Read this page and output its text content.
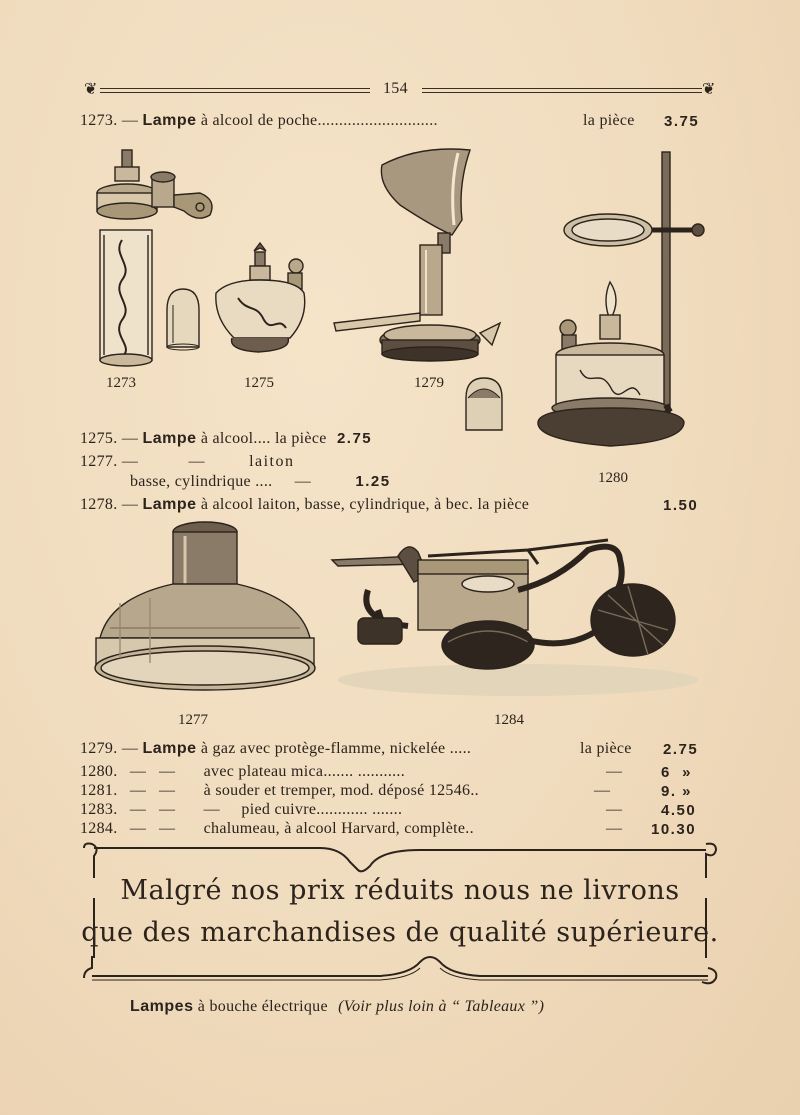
❦	154	❦
1273. — Lampe à alcool de poche............................	la pièce 3.75
1273	1275	1279
1280
1275. — Lampe à alcool.... la pièce 2.75
1277. —	—	laiton
basse, cylindrique .... —	1.25
1278. — Lampe à alcool laiton, basse, cylindrique, à bec. la pièce	1.50
1277	1284
1279. — Lampe à gaz avec protège-flamme, nickelée .....	la pièce 2.75
1280. —   — avec plateau mica....... ...........	—	6  »
1281. —   — à souder et tremper, mod. déposé 12546..	—	9. »
1283. —   — —     pied cuivre............ .......	—	4.50
1284. —   — chalumeau, à alcool Harvard, complète..	— 10.30
Malgré nos prix réduits nous ne livrons
que des marchandises de qualité supérieure.
Lampes à bouche électrique (Voir plus loin à “ Tableaux ”)
